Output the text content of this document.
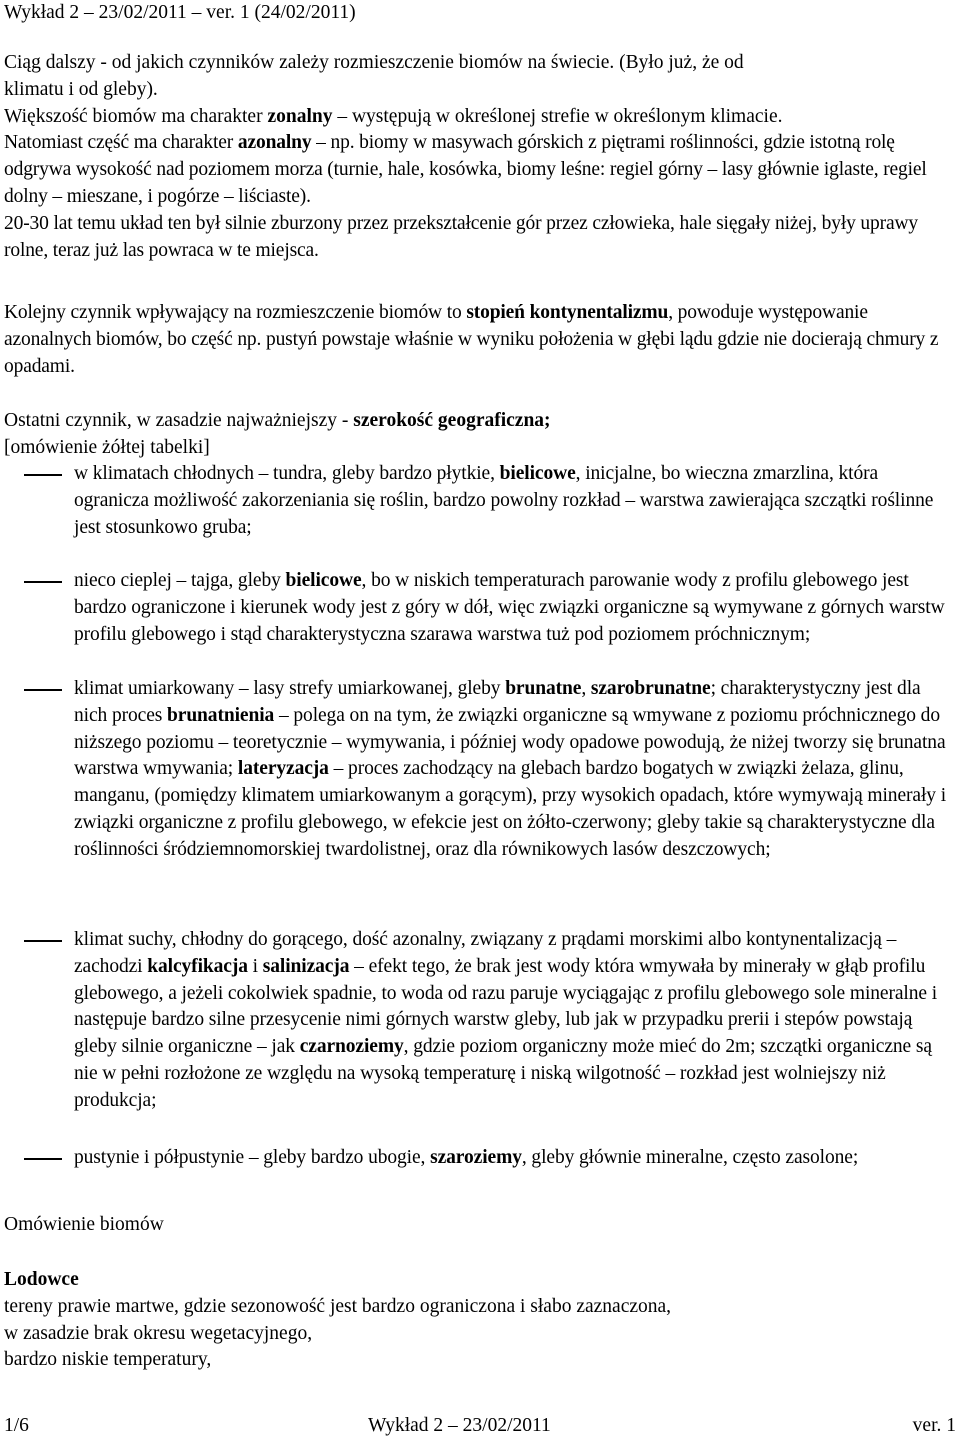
Wykład 2 – 23/02/2011 – ver. 1 (24/02/2011)

Ciąg dalszy - od jakich czynników zależy rozmieszczenie biomów na świecie. (Było już, że od

klimatu i od gleby).

Większość biomów ma charakter zonalny – występują w określonej strefie w określonym klimacie.

Natomiast część ma charakter azonalny – np. biomy w masywach górskich z piętrami roślinności, gdzie istotną rolę odgrywa wysokość nad poziomem morza (turnie, hale, kosówka, biomy leśne: regiel górny – lasy głównie iglaste, regiel dolny – mieszane, i pogórze – liściaste).

20-30 lat temu układ ten był silnie zburzony przez przekształcenie gór przez człowieka, hale sięgały niżej, były uprawy rolne, teraz już las powraca w te miejsca.

Kolejny czynnik wpływający na rozmieszczenie biomów to stopień kontynentalizmu, powoduje występowanie azonalnych biomów, bo część np. pustyń powstaje właśnie w wyniku położenia w głębi lądu gdzie nie docierają chmury z opadami.

Ostatni czynnik, w zasadzie najważniejszy - szerokość geograficzna;

[omówienie żółtej tabelki]

w klimatach chłodnych – tundra, gleby bardzo płytkie, bielicowe, inicjalne, bo wieczna zmarzlina, która ogranicza możliwość zakorzeniania się roślin, bardzo powolny rozkład – warstwa zawierająca szczątki roślinne jest stosunkowo gruba;
nieco cieplej – tajga, gleby bielicowe, bo w niskich temperaturach parowanie wody z profilu glebowego jest bardzo ograniczone i kierunek wody jest z góry w dół, więc związki organiczne są wymywane z górnych warstw profilu glebowego i stąd charakterystyczna szarawa warstwa tuż pod poziomem próchnicznym;
klimat umiarkowany – lasy strefy umiarkowanej, gleby brunatne, szarobrunatne; charakterystyczny jest dla nich proces brunatnienia – polega on na tym, że związki organiczne są wmywane z poziomu próchnicznego do niższego poziomu – teoretycznie – wymywania, i później wody opadowe powodują, że niżej tworzy się brunatna warstwa wmywania; lateryzacja – proces zachodzący na glebach bardzo bogatych w związki żelaza, glinu, manganu, (pomiędzy klimatem umiarkowanym a gorącym), przy wysokich opadach, które wymywają minerały i związki organiczne z profilu glebowego, w efekcie jest on żółto-czerwony; gleby takie są charakterystyczne dla roślinności śródziemnomorskiej twardolistnej, oraz dla równikowych lasów deszczowych;
klimat suchy, chłodny do gorącego, dość azonalny, związany z prądami morskimi albo kontynentalizacją – zachodzi kalcyfikacja i salinizacja – efekt tego, że brak jest wody która wmywała by minerały w głąb profilu glebowego, a jeżeli cokolwiek spadnie, to woda od razu paruje wyciągając z profilu glebowego sole mineralne i następuje bardzo silne przesycenie nimi górnych warstw gleby, lub jak w przypadku prerii i stepów powstają gleby silnie organiczne – jak czarnoziemy, gdzie poziom organiczny może mieć do 2m; szczątki organiczne są nie w pełni rozłożone ze względu na wysoką temperaturę i niską wilgotność – rozkład jest wolniejszy niż produkcja;
pustynie i półpustynie – gleby bardzo ubogie, szaroziemy, gleby głównie mineralne, często zasolone;
Omówienie biomów

Lodowce

tereny prawie martwe, gdzie sezonowość jest bardzo ograniczona i słabo zaznaczona,

w zasadzie brak okresu wegetacyjnego,

bardzo niskie temperatury,

1/6	Wykład 2 – 23/02/2011	ver. 1
